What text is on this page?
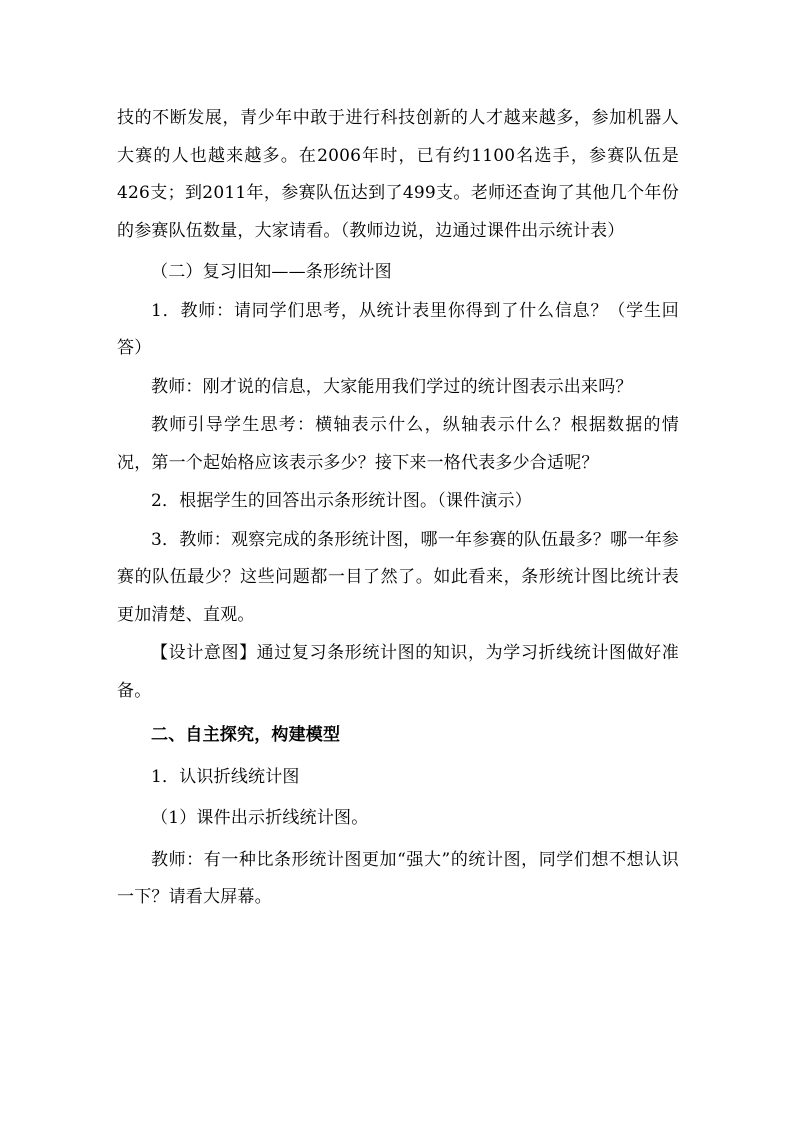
技的不断发展，青少年中敢于进行科技创新的人才越来越多，参加机器人大赛的人也越来越多。在2006年时，已有约1100名选手，参赛队伍是426支；到2011年，参赛队伍达到了499支。老师还查询了其他几个年份的参赛队伍数量，大家请看。（教师边说，边通过课件出示统计表）

（二）复习旧知——条形统计图

1．教师：请同学们思考，从统计表里你得到了什么信息？（学生回答）

教师：刚才说的信息，大家能用我们学过的统计图表示出来吗？

教师引导学生思考：横轴表示什么，纵轴表示什么？根据数据的情况，第一个起始格应该表示多少？接下来一格代表多少合适呢？

2．根据学生的回答出示条形统计图。（课件演示）

3．教师：观察完成的条形统计图，哪一年参赛的队伍最多？哪一年参赛的队伍最少？这些问题都一目了然了。如此看来，条形统计图比统计表更加清楚、直观。

【设计意图】通过复习条形统计图的知识，为学习折线统计图做好准备。

二、自主探究，构建模型

1．认识折线统计图

（1）课件出示折线统计图。

教师：有一种比条形统计图更加“强大”的统计图，同学们想不想认识一下？请看大屏幕。
